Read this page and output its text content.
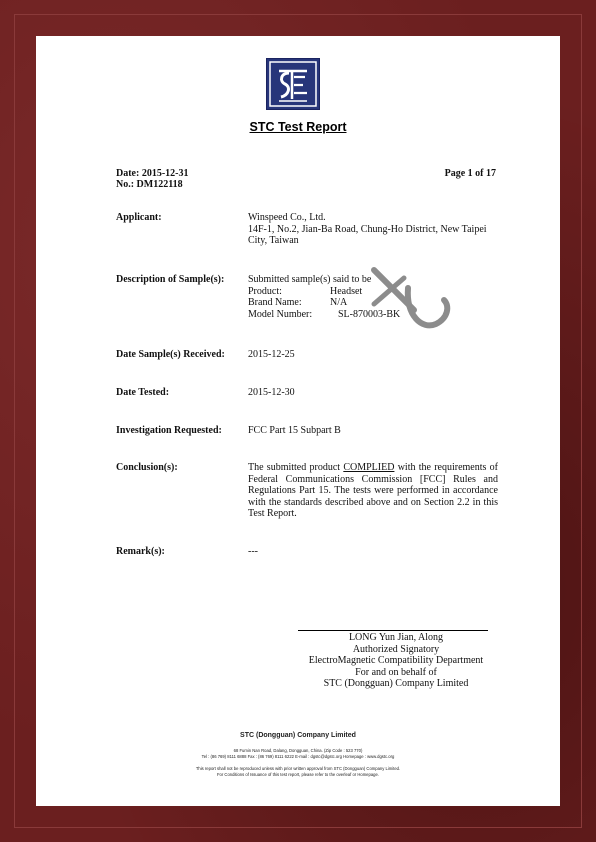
STC Test Report
Date: 2015-12-31
No.: DM122118
Page 1 of 17
Applicant:	Winspeed Co., Ltd.
14F-1, No.2, Jian-Ba Road, Chung-Ho District, New Taipei
City, Taiwan
Description of Sample(s): Submitted sample(s) said to be
Product:	Headset
Brand Name:	N/A
Model Number:	SL-870003-BK
Date Sample(s) Received: 2015-12-25
Date Tested:	2015-12-30
Investigation Requested:	FCC Part 15 Subpart B
Conclusion(s):	The submitted product COMPLIED with the requirements of Federal Communications Commission [FCC] Rules and Regulations Part 15. The tests were performed in accordance with the standards described above and on Section 2.2 in this Test Report.
Remark(s):	---
LONG Yun Jian, Along
Authorized Signatory
ElectroMagnetic Compatibility Department
For and on behalf of
STC (Dongguan) Company Limited
STC (Dongguan) Company Limited
68 Fumin Nan Road, Dalang, Dongguan, China. (Zip Code : 523 770)
Tel : (86 769) 8111 6888 Fax : (86 769) 8111 6222 E-mail : dgstc@dgstc.org Homepage : www.dgstc.org
This report shall not be reproduced unless with prior written approval from STC (Dongguan) Company Limited.
For Conditions of Issuance of this test report, please refer to the overleaf or Homepage.
